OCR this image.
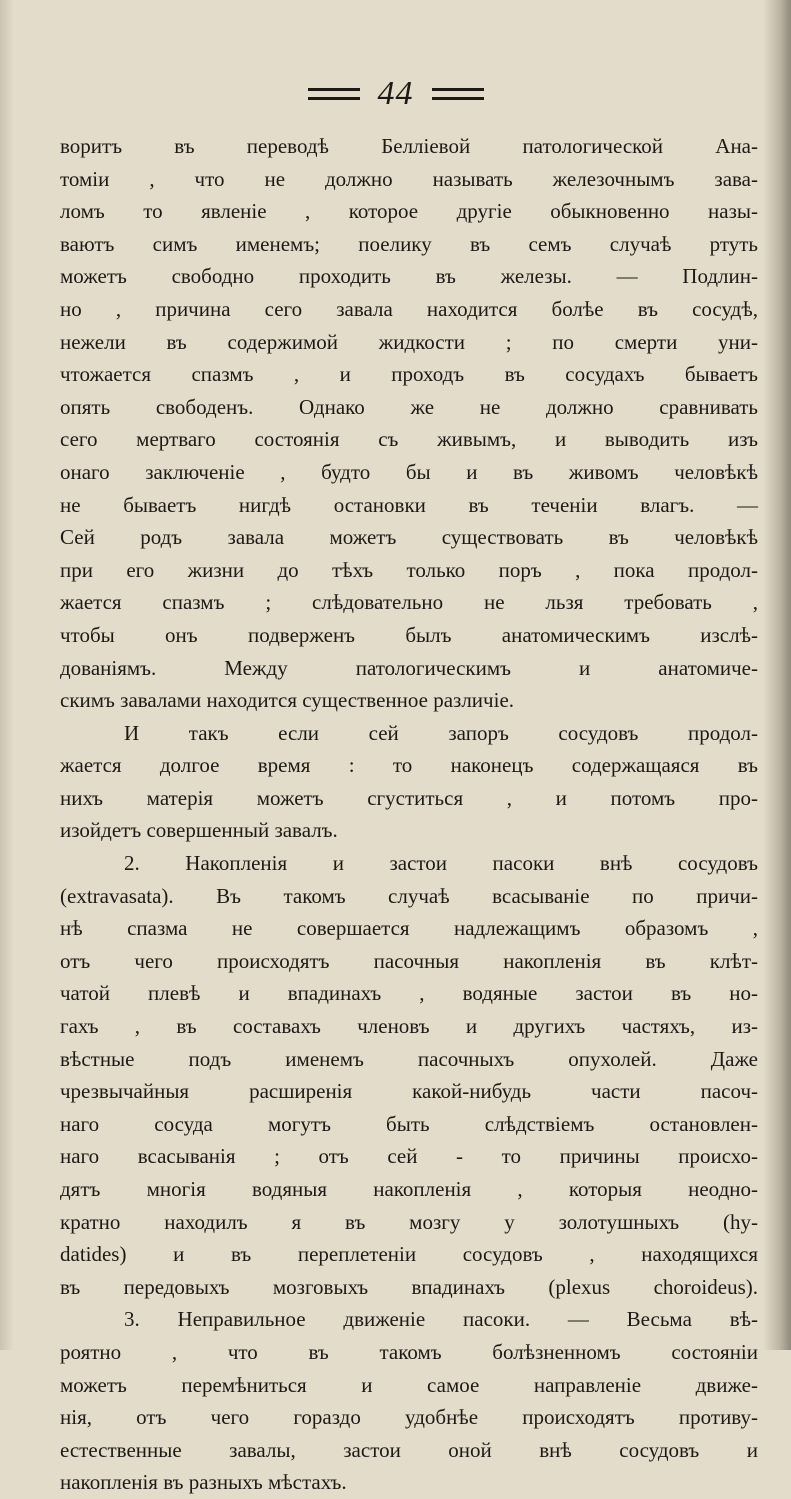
44
воритъ въ переводѣ Белліевой патологической Ана-
томіи , что не должно называть железочнымъ зава-
ломъ то явленіе , которое другіе обыкновенно назы-
ваютъ симъ именемъ; поелику въ семъ случаѣ ртуть
можетъ свободно проходить въ железы. — Подлин-
но , причина сего завала находится болѣе въ сосудѣ,
нежели въ содержимой жидкости ; по смерти уни-
чтожается спазмъ , и проходъ въ сосудахъ бываетъ
опять свободенъ. Однако же не должно сравнивать
сего мертваго состоянія съ живымъ, и выводить изъ
онаго заключеніе , будто бы и въ живомъ человѣкѣ
не бываетъ нигдѣ остановки въ теченіи влагъ. —
Сей родъ завала можетъ существовать въ человѣкѣ
при его жизни до тѣхъ только поръ , пока продол-
жается спазмъ ; слѣдовательно не льзя требовать ,
чтобы онъ подверженъ былъ анатомическимъ изслѣ-
дованіямъ. Между патологическимъ и анатомиче-
скимъ завалами находится существенное различіе.
И такъ если сей запоръ сосудовъ продол-
жается долгое время : то наконецъ содержащаяся въ
нихъ матерія можетъ сгуститься , и потомъ про-
изойдетъ совершенный завалъ.
2. Накопленія и застои пасоки внѣ сосудовъ
(extravasata). Въ такомъ случаѣ всасываніе по причи-
нѣ спазма не совершается надлежащимъ образомъ ,
отъ чего происходятъ пасочныя накопленія въ клѣт-
чатой плевѣ и впадинахъ , водяные застои въ но-
гахъ , въ составахъ членовъ и другихъ частяхъ, из-
вѣстные подъ именемъ пасочныхъ опухолей. Даже
чрезвычайныя расширенія какой-нибудь части пасоч-
наго сосуда могутъ быть слѣдствіемъ остановлен-
наго всасыванія ; отъ сей - то причины происхо-
дятъ многія водяныя накопленія , которыя неодно-
кратно находилъ я въ мозгу у золотушныхъ (hy-
datides) и въ переплетеніи сосудовъ , находящихся
въ передовыхъ мозговыхъ впадинахъ (plexus choroideus).
3. Неправильное движеніе пасоки. — Весьма вѣ-
роятно , что въ такомъ болѣзненномъ состояніи
можетъ перемѣниться и самое направленіе движе-
нія, отъ чего гораздо удобнѣе происходятъ противу-
естественные завалы, застои оной внѣ сосудовъ и
накопленія въ разныхъ мѣстахъ.
